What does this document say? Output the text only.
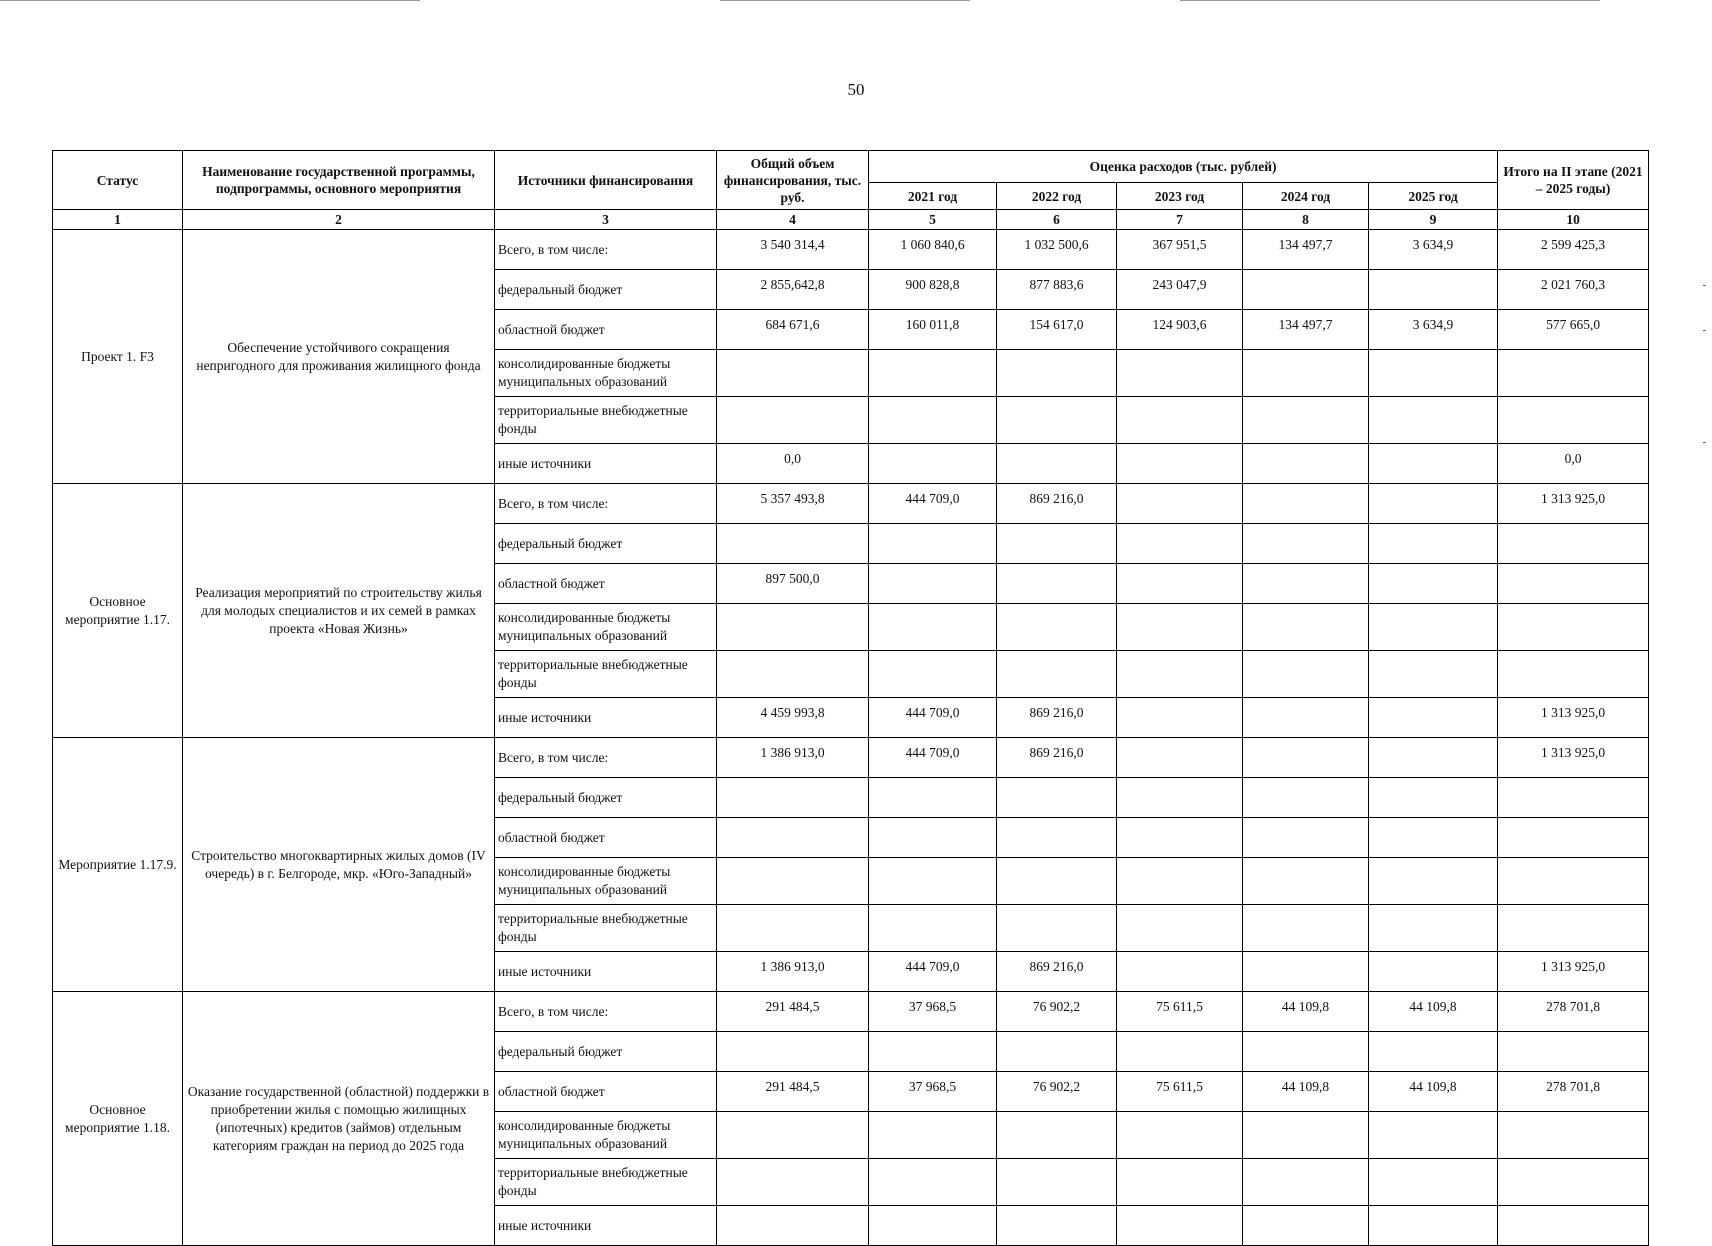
50
Статус	Наименование государственной программы, подпрограммы, основного мероприятия	Источники финансирования	Общий объем финансирования, тыс. руб.	Оценка расходов (тыс. рублей)					Итого на II этапе (2021 – 2025 годы)
				2021 год	2022 год	2023 год	2024 год	2025 год	
1	2	3	4	5	6	7	8	9	10
Проект 1. F3	Обеспечение устойчивого сокращения непригодного для проживания жилищного фонда	Всего, в том числе:	3 540 314,4	1 060 840,6	1 032 500,6	367 951,5	134 497,7	3 634,9	2 599 425,3
		федеральный бюджет	2 855,642,8	900 828,8	877 883,6	243 047,9			2 021 760,3
		областной бюджет	684 671,6	160 011,8	154 617,0	124 903,6	134 497,7	3 634,9	577 665,0
		консолидированные бюджеты муниципальных образований							
		территориальные внебюджетные фонды							
		иные источники	0,0						0,0
Основное мероприятие 1.17.	Реализация мероприятий по строительству жилья для молодых специалистов и их семей в рамках проекта «Новая Жизнь»	Всего, в том числе:	5 357 493,8	444 709,0	869 216,0				1 313 925,0
		федеральный бюджет							
		областной бюджет	897 500,0						
		консолидированные бюджеты муниципальных образований							
		территориальные внебюджетные фонды							
		иные источники	4 459 993,8	444 709,0	869 216,0				1 313 925,0
Мероприятие 1.17.9.	Строительство многоквартирных жилых домов (IV очередь) в г. Белгороде, мкр. «Юго-Западный»	Всего, в том числе:	1 386 913,0	444 709,0	869 216,0				1 313 925,0
		федеральный бюджет							
		областной бюджет							
		консолидированные бюджеты муниципальных образований							
		территориальные внебюджетные фонды							
		иные источники	1 386 913,0	444 709,0	869 216,0				1 313 925,0
Основное мероприятие 1.18.	Оказание государственной (областной) поддержки в приобретении жилья с помощью жилищных (ипотечных) кредитов (займов) отдельным категориям граждан на период до 2025 года	Всего, в том числе:	291 484,5	37 968,5	76 902,2	75 611,5	44 109,8	44 109,8	278 701,8
		федеральный бюджет							
		областной бюджет	291 484,5	37 968,5	76 902,2	75 611,5	44 109,8	44 109,8	278 701,8
		консолидированные бюджеты муниципальных образований							
		территориальные внебюджетные фонды							
		иные источники							
